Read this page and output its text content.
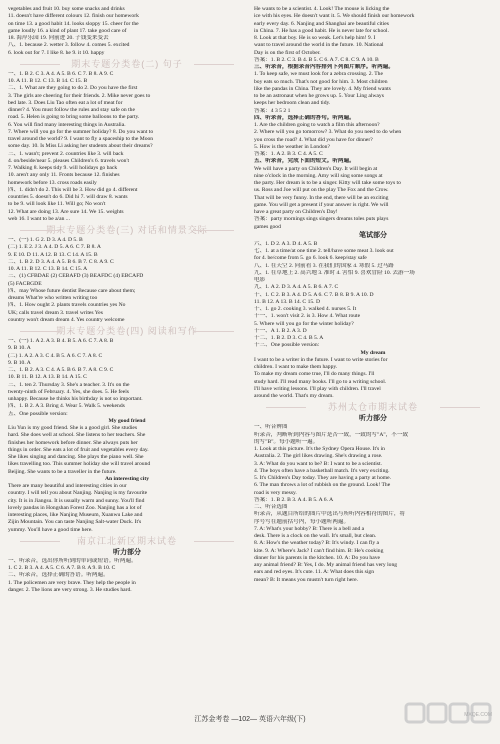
vegetables and fruit 10. buy some snacks and drinks
11. doesn't have different colours 12. finish our homework
on time 13. a good habit 14. looks sloppy 15. cheer for the
game loudly 16. a kind of plant 17. take good care of
18. 海岸乐园 19. 向前进 20. 子钱变来变去
八、1. because 2. wetter 3. follow 4. comes 5. excited
6. look out for 7. I like 8. he 9. it 10. happy
期末专题分类卷(二) 句子
一、1. B 2. C 3. A 4. A 5. B 6. C 7. B 8. A 9. C
10. A 11. B 12. C 13. B 14. C 15. B
二、1. What are they going to do 2. Do you have the first
3. The girls are cheering for their friends. 2. Mike never goes to
bed late. 3. Does Liu Tao often eat a lot of meat for
dinner? 4. You must follow the rules and stay safe on the
road. 5. Helen is going to bring some balloons to the party.
6. You will find many interesting things in Australia.
7. Where will you go for the summer holiday? 8. Do you want to
travel around the world? 9. I want to fly a spaceship to the Moon
some day. 10. Is Miss Li asking her students about their dreams?
三、1. wasn't; prevent 2. countries like 3. will back
4. on/beside/near 5. pleases Children's 6. travels won't
7. Walking 8. keeps tidy 9. will holidays go back
10. aren't any only 11. Fronts because 12. finishes
homework before 13. cross roads easily
四、1. didn't do 2. This will be 3. How did go 4. different
countries 5. doesn't do 6. Did hi 7. will draw 8. wants
to be 9. will look like 11. Will go; No won't
12. What are doing 13. Are sure 14. We 15. weights
web 16. I want to be a/an ...
期末专题分类卷(三) 对话和情景交际
一、(一) 1. G 2. D 3. A 4. D 5. B
(二) 1. E 2. J 3. A 4. D 5. A 6. C 7. B 8. A
9. E 10. D 11. A 12. B 13. C 14. A 15. B
二、1. B 2. D 3. A 4. A 5. B 6. B 7. C 8. A 9. C
10. A 11. B 12. C 13. B 14. C 15. A
三、(1) CFBDAE (2) CEBAFD (3) BEAFDC (4) EBCAFD
(5) FACBGDE
四、may Whose future dentist Because care about them;
dreams What're who written writing too
四、1. How ought 2. plants travels countries yes No
UK; calls travel dream 3. travel writes Yes
country won't dream dream 4. Yes country welcome
期末专题分类卷(四) 阅读和写作
一、(一) 1. A 2. A 3. B 4. B 5. A 6. C 7. A 8. B
9. B 10. A
(二) 1. A 2. A 3. C 4. B 5. A 6. C 7. A 8. C
9. B 10. A
二、1. B 2. A 3. C 4. A 5. B 6. B 7. A 8. C 9. C
10. B 11. B 12. A 13. B 14. A 15. C
三、1. ten 2. Thursday 3. She's a teacher. 3. It's on the
twenty-ninth of February. 4. Yes, she does. 5. He feels
unhappy. Because he thinks his birthday is not so important.
四、1. B 2. A 3. Bring 4. Wear 5. Walk 5. weekends
五、One possible version:
My good friend
Liu Yun is my good friend. She is a good girl. She studies
hard. She does well at school. She listens to her teachers. She
finishes her homework before dinner. She always puts her
things in order. She eats a lot of fruit and vegetables every day.
She likes singing and dancing. She plays the piano well. She
likes travelling too. This summer holiday she will travel around
Beijing. She wants to be a traveller in the future.
An interesting city
There are many beautiful and interesting cities in our
country. I will tell you about Nanjing. Nanjing is my favourite
city. It is in Jiangsu. It is usually warm and sunny. You'll find
lovely pandas in Hongshan Forest Zoo. Nanjing has a lot of
interesting places, like Nanjing Museum, Xuanwu Lake and
Zijin Mountain. You can taste Nanjing Salt-water Duck. It's
yummy. You'll have a good time here.
南京江北新区期末试卷
听力部分
一、听录音，选出你所听到的单词或短语。听两遍。
1. C 2. B 3. A 4. A 5. C 6. A 7. B 8. A 9. B 10. C
二、听录音，选择正确的答语。听两遍。
1. The policemen are very brave. They help the people in
danger. 2. The lions are very strong. 3. He studies hard.
He wants to be a scientist. 4. Look! The mouse is licking the
ice with his eyes. He doesn't want it. 5. We should finish our homework
early every day. 6. Nanjing and Shanghai are beautiful cities
in China. 7. He has a good habit. He is never late for school.
8. Look at that boy. He is so weak. Let's help him! 9. I
want to travel around the world in the future. 10. National
Day is on the first of October.
答案：1. B 2. C 3. B 4. B 5. C 6. A 7. C 8. C 9. A 10. B
三、听录音，根据录音内容排列下列图片顺序。听两遍。
1. To keep safe, we must look for a zebra crossing. 2. The
boy eats so much. That's not good for him. 3. Most children
like the pandas in China. They are lovely. 4. My friend wants
to be an astronaut when he grows up. 5. Your Ling always
keeps her bedroom clean and tidy.
答案：4 3 5 2 1
四、听录音，选择正确的答句。听两遍。
1. Are the children going to watch a film this afternoon?
2. Where will you go tomorrow? 3. What do you need to do when
you cross the road? 4. What did you have for dinner?
5. How is the weather in London?
答案：1. A 2. B 3. C 4. A 5. C
五、听录音，完成下面的短文。听两遍。
We will have a party on Children's Day. It will begin at
nine o'clock in the morning. Amy will sing some songs at
the party. Her dream is to be a singer. Kitty will take some toys to
us. Ross and Joe will put on the play The Fox and the Crow.
That will be very funny. In the end, there will be an exciting
game. You will get a present if your answer is right. We will
have a great party on Children's Day!
答案：party mornings sings singers dreams toles puts plays
games good
笔试部分
六、1. D 2. A 3. D 4. A 5. B
七、1. at a time/at one time 2. tell/have some meat 3. look out
for 4. be/come from 5. go 6. look 6. keep/stay safe
八、1. 在天空 2. 向前看 3. 在我们的国家 4. 寒假 5. 过马路
九、1. 在草地上 2. 高兴地 3. 准时 4. 害怕 9. 喜欢冒险 10. 去游一场
电影
九、1. A 2. D 3. A 4. A 5. B 6. A 7. C
十、1. C 2. B 3. A 4. D 5. A 6. C 7. B 8. B 9. A 10. D
11. B 12. A 13. B 14. C 15. D
十、1. go 2. cooking 3. walked 4. nurses 5. It
十一、1. won't visit 2. is 3. How 4. What route
5. Where will you go for the winter holiday?
十一、A 1. B 2. A 3. D
十二、1. B 2. D 3. C 4. B 5. A
十三、One possible version:
My dream
I want to be a writer in the future. I want to write stories for
children. I want to make them happy.
To make my dream come true, I'll do many things. I'll
study hard. I'll read many books. I'll go to a writing school.
I'll have writing lessons. I'll play with children. I'll travel
around the world. That's my dream.
苏州太仓市期末试卷
听力部分
一、听音辨图
听录音，判断听到内容与图片是否一致，一致的写"A"，不一致
的写"B"。每小题听一遍。
1. Look at this picture. It's the Sydney Opera House. It's in
Australia. 2. The girl likes drawing. She's drawing a rose.
3. A: What do you want to be? B: I want to be a scientist.
4. The boys often have a basketball match. It's very exciting.
5. It's Children's Day today. They are having a party at home.
6. The man throws a lot of rubbish on the ground. Look! The
road is very messy.
答案：1. B 2. B 3. A 4. B 5. A 6. A
二、听音选图
听录音，从题目所给的图片中选出与所听内容相符的图片，将
序号写在题前括号内，每小题听两遍。
7. A: What's your hobby? B: There is a bell and a
desk. There is a clock on the wall. It's small, but clean.
8. A: How's the weather today? B: It's windy. I can fly a
kite. 9. A: Where's Jack? I can't find him. B: He's cooking
dinner for his parents in the kitchen. 10. A: Do you have
any animal friend? B: Yes, I do. My animal friend has very long
ears and red eyes. It's cute. 11. A: What does this sign
mean? B: It means you mustn't turn right here.
江苏金考卷 —102— 英语六年级(下)
MXQE.COM
